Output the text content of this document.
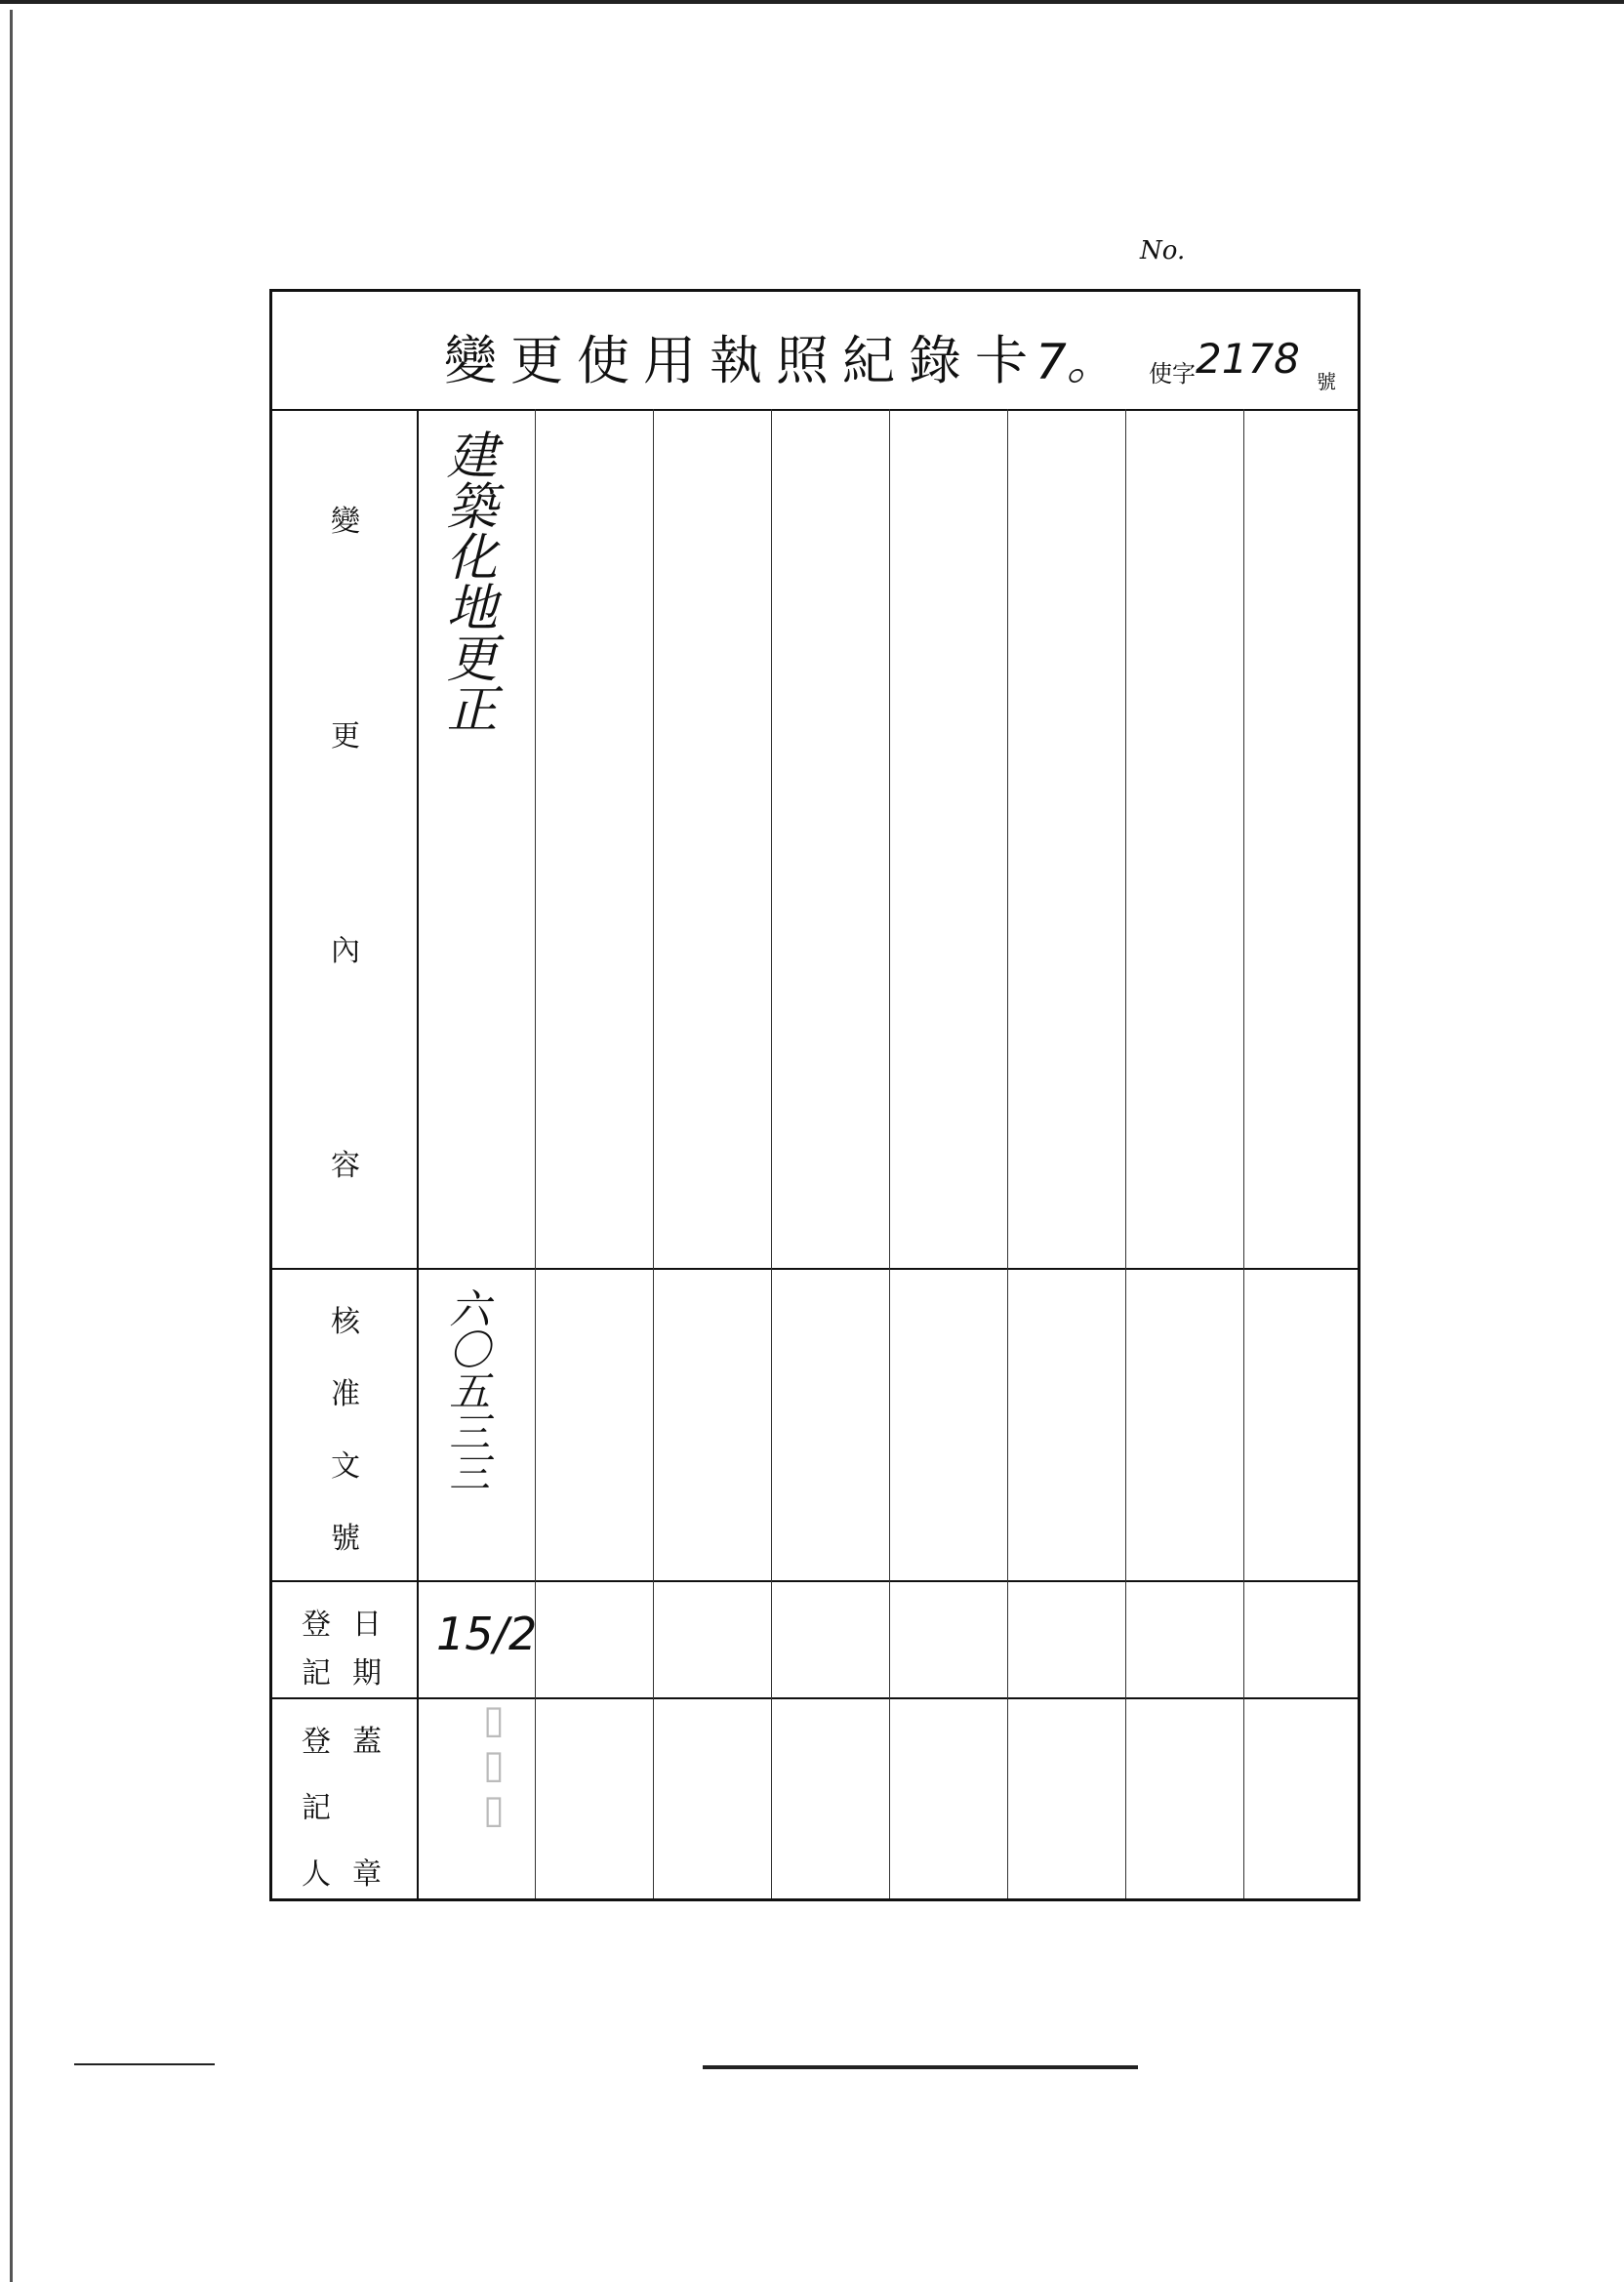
No.
變更使用執照紀錄卡
7。 使字 2178 號
變
更
內
容
核
准
文
號
登 日
記 期
登 蓋
記
人 章
建築化地更正
六〇五三三
15/2
▯▯▯
